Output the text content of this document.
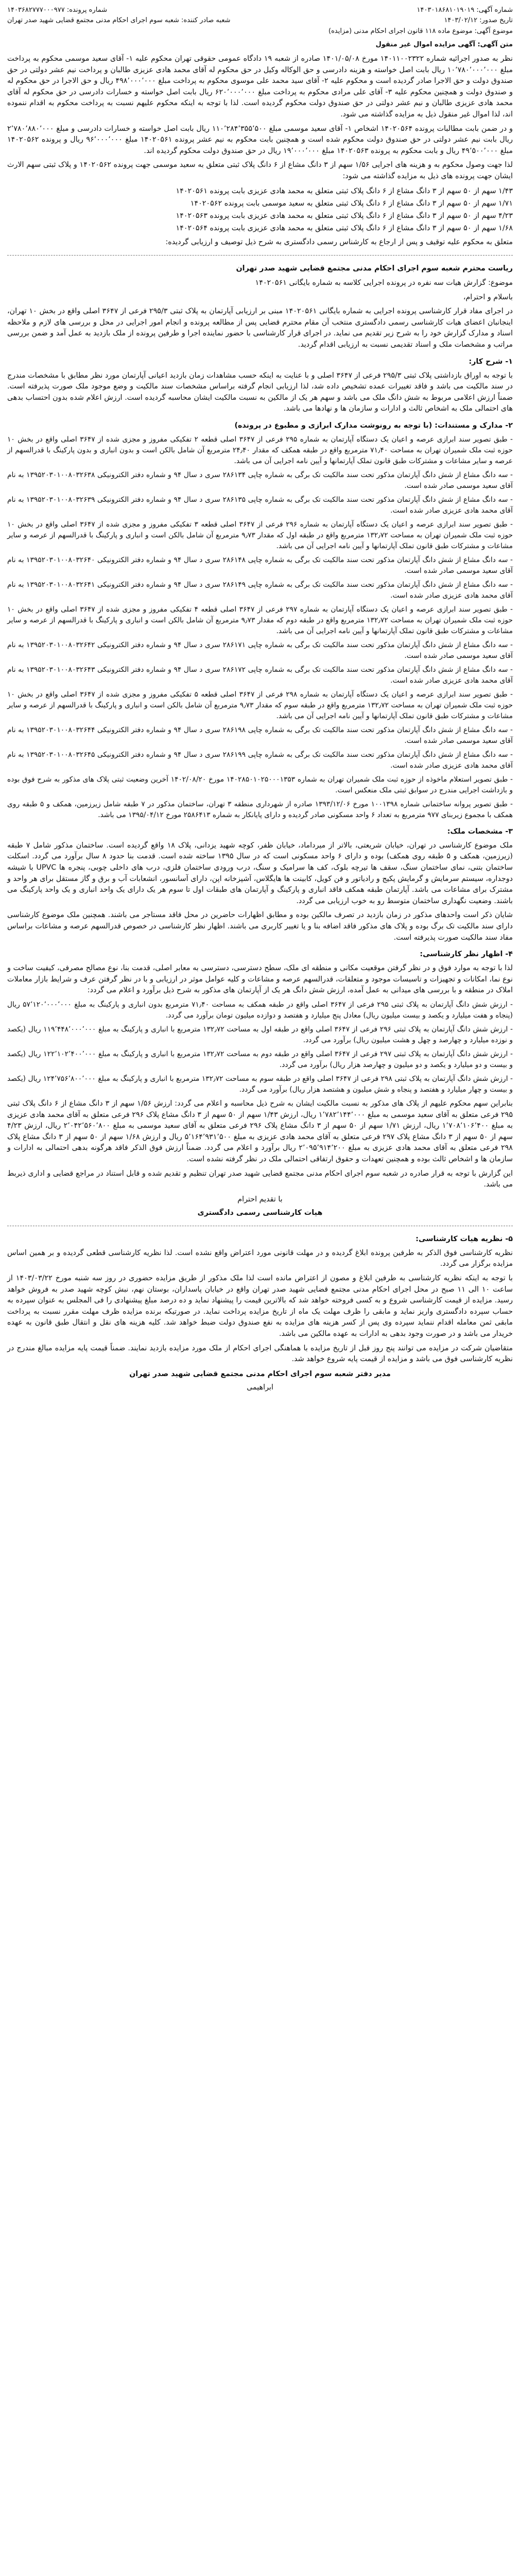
شماره آگهی: ۱۴۰۳۰۱۸۶۸۱۰۱۹۰۱۹
تاریخ صدور: ۱۴۰۳/۰۲/۱۲
شماره پرونده: ۱۴۰۳۶۸۲۷۷۷۰۰۰۹۷۷
شعبه صادر کننده: شعبه سوم اجرای احکام مدنی مجتمع قضایی شهید صدر تهران
موضوع آگهی: موضوع ماده ۱۱۸ قانون اجرای احکام مدنی (مزایده)
متن آگهی: آگهی مزایده اموال غیر منقول

نظر به صدور اجرائیه شماره ۱۴۰۱۱۰۰۲۳۲۲ مورخ ۱۴۰۱/۰۵/۰۸ صادره از شعبه ۱۹ دادگاه عمومی حقوقی تهران محکوم علیه ۱- آقای سعید موسمی محکوم به پرداخت مبلغ ۱۰٬۷۸۰٬۰۰۰٬۰۰۰ ریال بابت اصل خواسته و هزینه دادرسی و حق الوکاله وکیل در حق محکوم له آقای محمد هادی عزیزی طالبان و پرداخت نیم عشر دولتی در حق صندوق دولت و حق الاجرا صادر گردیده است و محکوم علیه ۲- آقای سید محمد علی موسوی محکوم به پرداخت مبلغ ۴۹۸٬۰۰۰٬۰۰۰ ریال و حق الاجرا در حق محکوم له و صندوق دولت و همچنین محکوم علیه ۳- آقای علی مرادی محکوم به پرداخت مبلغ ۶۲۰٬۰۰۰٬۰۰۰ ریال بابت اصل خواسته و خسارات دادرسی در حق محکوم له آقای محمد هادی عزیزی طالبان و نیم عشر دولتی در حق صندوق دولت محکوم گردیده است. لذا با توجه به اینکه محکوم علیهم نسبت به پرداخت محکوم به اقدام ننموده اند، لذا اموال غیر منقول ذیل به مزایده گذاشته می شود.

و در ضمن بابت مطالبات پرونده ۱۴۰۲۰۵۶۴ اشخاص ۱- آقای سعید موسمی مبلغ ۱۱۰٬۲۸۴٬۳۵۵٬۵۰۰ ریال بابت اصل خواسته و خسارات دادرسی و مبلغ ۲٬۷۸۰٬۸۸۰٬۰۰۰ ریال بابت نیم عشر دولتی در حق صندوق دولت محکوم شده است و همچنین بابت محکوم به نیم عشر پرونده ۱۴۰۲۰۵۶۱ مبلغ ۹۶٬۰۰۰٬۰۰۰ ریال و پرونده ۱۴۰۲۰۵۶۲ مبلغ ۴۹٬۵۰۰٬۰۰۰ ریال و بابت محکوم به پرونده ۱۴۰۲۰۵۶۳ مبلغ ۱۹٬۰۰۰٬۰۰۰ ریال در حق صندوق دولت محکوم گردیده اند.

لذا جهت وصول محکوم به و هزینه های اجرایی ۱/۵۶ سهم از ۳ دانگ مشاع از ۶ دانگ پلاک ثبتی متعلق به سعید موسمی جهت پرونده ۱۴۰۲۰۵۶۲ و پلاک ثبتی سهم الارث ایشان جهت پرونده های ذیل به مزایده گذاشته می شود:

۱/۴۳ سهم از ۵۰ سهم از ۳ دانگ مشاع از ۶ دانگ پلاک ثبتی متعلق به محمد هادی عزیزی بابت پرونده ۱۴۰۲۰۵۶۱
۱/۷۱ سهم از ۵۰ سهم از ۳ دانگ مشاع از ۶ دانگ پلاک ثبتی متعلق به سعید موسمی بابت پرونده ۱۴۰۲۰۵۶۲
۴/۲۳ سهم از ۵۰ سهم از ۳ دانگ مشاع از ۶ دانگ پلاک ثبتی متعلق به محمد هادی عزیزی بابت پرونده ۱۴۰۲۰۵۶۳
۱/۶۸ سهم از ۵۰ سهم از ۳ دانگ مشاع از ۶ دانگ پلاک ثبتی متعلق به محمد هادی عزیزی بابت پرونده ۱۴۰۲۰۵۶۴

متعلق به محکوم علیه توقیف و پس از ارجاع به کارشناس رسمی دادگستری به شرح ذیل توصیف و ارزیابی گردیده:

ریاست محترم شعبه سوم اجرای احکام مدنی مجتمع قضایی شهید صدر تهران
موضوع: گزارش هیات سه نفره در پرونده اجرایی کلاسه به شماره بایگانی ۱۴۰۲۰۵۶۱
باسلام و احترام،

در اجرای مفاد قرار کارشناسی پرونده اجرایی به شماره بایگانی ۱۴۰۲۰۵۶۱ مبنی بر ارزیابی آپارتمان به پلاک ثبتی ۲۹۵/۳ فرعی از ۳۶۴۷ اصلی واقع در بخش ۱۰ تهران، اینجانبان اعضای هیات کارشناسی رسمی دادگستری منتخب آن مقام محترم قضایی پس از مطالعه پرونده و انجام امور اجرایی در محل و بررسی های لازم و ملاحظه اسناد و مدارک گزارش خود را به شرح زیر تقدیم می نماید. در اجرای قرار کارشناسی با حضور نماینده اجرا و طرفین پرونده از ملک بازدید به عمل آمد و ضمن بررسی مراتب و مشخصات ملک و اسناد تقدیمی نسبت به ارزیابی اقدام گردید.

۱- شرح کار:

با توجه به اوراق بازداشتی پلاک ثبتی ۲۹۵/۳ فرعی از ۳۶۴۷ اصلی و با عنایت به اینکه حسب مشاهدات زمان بازدید اعیانی آپارتمان مورد نظر مطابق با مشخصات مندرج در سند مالکیت می باشد و فاقد تغییرات عمده تشخیص داده شد، لذا ارزیابی انجام گرفته براساس مشخصات سند مالکیت و وضع موجود ملک صورت پذیرفته است. ضمناً ارزش اعلامی مربوط به شش دانگ ملک می باشد و سهم هر یک از مالکین به نسبت مالکیت ایشان محاسبه گردیده است. ارزش اعلام شده بدون احتساب بدهی های احتمالی ملک به اشخاص ثالث و ادارات و سازمان ها و نهادها می باشد.

۲- مدارک و مستندات: (با توجه به رونوشت مدارک ابرازی و مطبوع در پرونده)

- طبق تصویر سند ابرازی عرصه و اعیان یک دستگاه آپارتمان به شماره ۲۹۵ فرعی از ۳۶۴۷ اصلی قطعه ۲ تفکیکی مفروز و مجزی شده از ۳۶۴۷ اصلی واقع در بخش ۱۰ حوزه ثبت ملک شمیران تهران به مساحت ۷۱٫۴۰ مترمربع واقع در طبقه همکف که مقدار ۲۴٫۴۰ مترمربع آن شامل بالکن است و بدون انباری و بدون پارکینگ با قدرالسهم از عرصه و سایر مشاعات و مشترکات طبق قانون تملک آپارتمانها و آیین نامه اجرایی آن می باشد.

- سه دانگ مشاع از شش دانگ آپارتمان مذکور تحت سند مالکیت تک برگی به شماره چاپی ۲۸۶۱۳۴ سری د سال ۹۴ و شماره دفتر الکترونیکی ۱۳۹۵۲۰۳۰۱۰۰۸۰۳۲۶۳۸ به نام آقای سعید موسمی صادر شده است.

- سه دانگ مشاع از شش دانگ آپارتمان مذکور تحت سند مالکیت تک برگی به شماره چاپی ۲۸۶۱۳۵ سری د سال ۹۴ و شماره دفتر الکترونیکی ۱۳۹۵۲۰۳۰۱۰۰۸۰۳۲۶۳۹ به نام آقای محمد هادی عزیزی صادر شده است.

- طبق تصویر سند ابرازی عرصه و اعیان یک دستگاه آپارتمان به شماره ۲۹۶ فرعی از ۳۶۴۷ اصلی قطعه ۳ تفکیکی مفروز و مجزی شده از ۳۶۴۷ اصلی واقع در بخش ۱۰ حوزه ثبت ملک شمیران تهران به مساحت ۱۳۲٫۷۲ مترمربع واقع در طبقه اول که مقدار ۹٫۷۳ مترمربع آن شامل بالکن است و انباری و پارکینگ با قدرالسهم از عرصه و سایر مشاعات و مشترکات طبق قانون تملک آپارتمانها و آیین نامه اجرایی آن می باشد.

- سه دانگ مشاع از شش دانگ آپارتمان مذکور تحت سند مالکیت تک برگی به شماره چاپی ۲۸۶۱۴۸ سری د سال ۹۴ و شماره دفتر الکترونیکی ۱۳۹۵۲۰۳۰۱۰۰۸۰۳۲۶۴۰ به نام آقای سعید موسمی صادر شده است.

- سه دانگ مشاع از شش دانگ آپارتمان مذکور تحت سند مالکیت تک برگی به شماره چاپی ۲۸۶۱۴۹ سری د سال ۹۴ و شماره دفتر الکترونیکی ۱۳۹۵۲۰۳۰۱۰۰۸۰۳۲۶۴۱ به نام آقای محمد هادی عزیزی صادر شده است.

- طبق تصویر سند ابرازی عرصه و اعیان یک دستگاه آپارتمان به شماره ۲۹۷ فرعی از ۳۶۴۷ اصلی قطعه ۴ تفکیکی مفروز و مجزی شده از ۳۶۴۷ اصلی واقع در بخش ۱۰ حوزه ثبت ملک شمیران تهران به مساحت ۱۳۲٫۷۲ مترمربع واقع در طبقه دوم که مقدار ۹٫۷۳ مترمربع آن شامل بالکن است و انباری و پارکینگ با قدرالسهم از عرصه و سایر مشاعات و مشترکات طبق قانون تملک آپارتمانها و آیین نامه اجرایی آن می باشد.

- سه دانگ مشاع از شش دانگ آپارتمان مذکور تحت سند مالکیت تک برگی به شماره چاپی ۲۸۶۱۷۱ سری د سال ۹۴ و شماره دفتر الکترونیکی ۱۳۹۵۲۰۳۰۱۰۰۸۰۳۲۶۴۲ به نام آقای سعید موسمی صادر شده است.

- سه دانگ مشاع از شش دانگ آپارتمان مذکور تحت سند مالکیت تک برگی به شماره چاپی ۲۸۶۱۷۲ سری د سال ۹۴ و شماره دفتر الکترونیکی ۱۳۹۵۲۰۳۰۱۰۰۸۰۳۲۶۴۳ به نام آقای محمد هادی عزیزی صادر شده است.

- طبق تصویر سند ابرازی عرصه و اعیان یک دستگاه آپارتمان به شماره ۲۹۸ فرعی از ۳۶۴۷ اصلی قطعه ۵ تفکیکی مفروز و مجزی شده از ۳۶۴۷ اصلی واقع در بخش ۱۰ حوزه ثبت ملک شمیران تهران به مساحت ۱۳۲٫۷۲ مترمربع واقع در طبقه سوم که مقدار ۹٫۷۳ مترمربع آن شامل بالکن است و انباری و پارکینگ با قدرالسهم از عرصه و سایر مشاعات و مشترکات طبق قانون تملک آپارتمانها و آیین نامه اجرایی آن می باشد.

- سه دانگ مشاع از شش دانگ آپارتمان مذکور تحت سند مالکیت تک برگی به شماره چاپی ۲۸۶۱۹۸ سری د سال ۹۴ و شماره دفتر الکترونیکی ۱۳۹۵۲۰۳۰۱۰۰۸۰۳۲۶۴۴ به نام آقای سعید موسمی صادر شده است.

- سه دانگ مشاع از شش دانگ آپارتمان مذکور تحت سند مالکیت تک برگی به شماره چاپی ۲۸۶۱۹۹ سری د سال ۹۴ و شماره دفتر الکترونیکی ۱۳۹۵۲۰۳۰۱۰۰۸۰۳۲۶۴۵ به نام آقای محمد هادی عزیزی صادر شده است.

- طبق تصویر استعلام ماخوذه از حوزه ثبت ملک شمیران تهران به شماره ۱۴۰۲۸۵۰۱۰۲۵۰۰۰۱۳۵۳ مورخ ۱۴۰۲/۰۸/۲۰ آخرین وضعیت ثبتی پلاک های مذکور به شرح فوق بوده و بازداشت اجرایی مندرج در سوابق ثبتی ملک منعکس است.

- طبق تصویر پروانه ساختمانی شماره ۱۰۰۱۳۹۸ مورخ ۱۳۹۳/۱۲/۰۶ صادره از شهرداری منطقه ۳ تهران، ساختمان مذکور در ۷ طبقه شامل زیرزمین، همکف و ۵ طبقه روی همکف با مجموع زیربنای ۹۷۷ مترمربع به تعداد ۶ واحد مسکونی صادر گردیده و دارای پایانکار به شماره ۲۵۸۶۴۱۳ مورخ ۱۳۹۵/۰۴/۱۲ می باشد.

۳- مشخصات ملک:

ملک موضوع کارشناسی در تهران، خیابان شریعتی، بالاتر از میرداماد، خیابان ظفر، کوچه شهید یزدانی، پلاک ۱۸ واقع گردیده است. ساختمان مذکور شامل ۷ طبقه (زیرزمین، همکف و ۵ طبقه روی همکف) بوده و دارای ۶ واحد مسکونی است که در سال ۱۳۹۵ ساخته شده است. قدمت بنا حدود ۸ سال برآورد می گردد. اسکلت ساختمان بتنی، نمای ساختمان سنگ، سقف ها تیرچه بلوک، کف ها سرامیک و سنگ، درب ورودی ساختمان فلزی، درب های داخلی چوبی، پنجره ها UPVC با شیشه دوجداره، سیستم سرمایش و گرمایش پکیج و رادیاتور و فن کویل، کابینت ها هایگلاس، آشپزخانه اپن، دارای آسانسور، انشعابات آب و برق و گاز مستقل برای هر واحد و مشترک برای مشاعات می باشد. آپارتمان طبقه همکف فاقد انباری و پارکینگ و آپارتمان های طبقات اول تا سوم هر یک دارای یک واحد انباری و یک واحد پارکینگ می باشند. وضعیت نگهداری ساختمان متوسط رو به خوب ارزیابی می گردد.

شایان ذکر است واحدهای مذکور در زمان بازدید در تصرف مالکین بوده و مطابق اظهارات حاضرین در محل فاقد مستاجر می باشند. همچنین ملک موضوع کارشناسی دارای سند مالکیت تک برگ بوده و پلاک های مذکور فاقد اضافه بنا و یا تغییر کاربری می باشند. اظهار نظر کارشناسی در خصوص قدرالسهم عرصه و مشاعات براساس مفاد سند مالکیت صورت پذیرفته است.

۴- اظهار نظر کارشناسی:

لذا با توجه به موارد فوق و در نظر گرفتن موقعیت مکانی و منطقه ای ملک، سطح دسترسی، دسترسی به معابر اصلی، قدمت بنا، نوع مصالح مصرفی، کیفیت ساخت و نوع نما، امکانات و تجهیزات و تاسیسات موجود و متعلقات، قدرالسهم عرصه و مشاعات و کلیه عوامل موثر در ارزیابی و با در نظر گرفتن عرف و شرایط بازار معاملات املاک در منطقه و با بررسی های میدانی به عمل آمده، ارزش شش دانگ هر یک از آپارتمان های مذکور به شرح ذیل برآورد و اعلام می گردد:

- ارزش شش دانگ آپارتمان به پلاک ثبتی ۲۹۵ فرعی از ۳۶۴۷ اصلی واقع در طبقه همکف به مساحت ۷۱٫۴۰ مترمربع بدون انباری و پارکینگ به مبلغ ۵۷٬۱۲۰٬۰۰۰٬۰۰۰ ریال (پنجاه و هفت میلیارد و یکصد و بیست میلیون ریال) معادل پنج میلیارد و هفتصد و دوازده میلیون تومان برآورد می گردد.

- ارزش شش دانگ آپارتمان به پلاک ثبتی ۲۹۶ فرعی از ۳۶۴۷ اصلی واقع در طبقه اول به مساحت ۱۳۲٫۷۲ مترمربع با انباری و پارکینگ به مبلغ ۱۱۹٬۴۴۸٬۰۰۰٬۰۰۰ ریال (یکصد و نوزده میلیارد و چهارصد و چهل و هشت میلیون ریال) برآورد می گردد.

- ارزش شش دانگ آپارتمان به پلاک ثبتی ۲۹۷ فرعی از ۳۶۴۷ اصلی واقع در طبقه دوم به مساحت ۱۳۲٫۷۲ مترمربع با انباری و پارکینگ به مبلغ ۱۲۲٬۱۰۲٬۴۰۰٬۰۰۰ ریال (یکصد و بیست و دو میلیارد و یکصد و دو میلیون و چهارصد هزار ریال) برآورد می گردد.

- ارزش شش دانگ آپارتمان به پلاک ثبتی ۲۹۸ فرعی از ۳۶۴۷ اصلی واقع در طبقه سوم به مساحت ۱۳۲٫۷۲ مترمربع با انباری و پارکینگ به مبلغ ۱۲۴٬۷۵۶٬۸۰۰٬۰۰۰ ریال (یکصد و بیست و چهار میلیارد و هفتصد و پنجاه و شش میلیون و هشتصد هزار ریال) برآورد می گردد.

بنابراین سهم محکوم علیهم از پلاک های مذکور به نسبت مالکیت ایشان به شرح ذیل محاسبه و اعلام می گردد: ارزش ۱/۵۶ سهم از ۳ دانگ مشاع از ۶ دانگ پلاک ثبتی ۲۹۵ فرعی متعلق به آقای سعید موسمی به مبلغ ۱٬۷۸۲٬۱۴۴٬۰۰۰ ریال، ارزش ۱/۴۳ سهم از ۵۰ سهم از ۳ دانگ مشاع پلاک ۲۹۶ فرعی متعلق به آقای محمد هادی عزیزی به مبلغ ۱٬۷۰۸٬۱۰۶٬۴۰۰ ریال، ارزش ۱/۷۱ سهم از ۵۰ سهم از ۳ دانگ مشاع پلاک ۲۹۶ فرعی متعلق به آقای سعید موسمی به مبلغ ۲٬۰۴۲٬۵۶۰٬۸۰۰ ریال، ارزش ۴/۲۳ سهم از ۵۰ سهم از ۳ دانگ مشاع پلاک ۲۹۷ فرعی متعلق به آقای محمد هادی عزیزی به مبلغ ۵٬۱۶۴٬۹۳۱٬۵۰۰ ریال و ارزش ۱/۶۸ سهم از ۵۰ سهم از ۳ دانگ مشاع پلاک ۲۹۸ فرعی متعلق به آقای محمد هادی عزیزی به مبلغ ۲٬۰۹۵٬۹۱۴٬۲۰۰ ریال برآورد و اعلام می گردد. ضمناً ارزش فوق الذکر فاقد هرگونه بدهی احتمالی به ادارات و سازمان ها و اشخاص ثالث بوده و همچنین تعهدات و حقوق ارتفاقی احتمالی ملک در نظر گرفته نشده است.

این گزارش با توجه به قرار صادره در شعبه سوم اجرای احکام مدنی مجتمع قضایی شهید صدر تهران تنظیم و تقدیم شده و قابل استناد در مراجع قضایی و اداری ذیربط می باشد.

با تقدیم احترام
هیات کارشناسی رسمی دادگستری
۵- نظریه هیات کارشناسی:

نظریه کارشناسی فوق الذکر به طرفین پرونده ابلاغ گردیده و در مهلت قانونی مورد اعتراض واقع نشده است. لذا نظریه کارشناسی قطعی گردیده و بر همین اساس مزایده برگزار می گردد.

با توجه به اینکه نظریه کارشناسی به طرفین ابلاغ و مصون از اعتراض مانده است لذا ملک مذکور از طریق مزایده حضوری در روز سه شنبه مورخ ۱۴۰۳/۰۳/۲۲ از ساعت ۱۰ الی ۱۱ صبح در محل اجرای احکام مدنی مجتمع قضایی شهید صدر تهران واقع در خیابان پاسداران، بوستان نهم، نبش کوچه شهید صدر به فروش خواهد رسید. مزایده از قیمت کارشناسی شروع و به کسی فروخته خواهد شد که بالاترین قیمت را پیشنهاد نماید و ده درصد مبلغ پیشنهادی را فی المجلس به عنوان سپرده به حساب سپرده دادگستری واریز نماید و مابقی را ظرف مهلت یک ماه از تاریخ مزایده پرداخت نماید. در صورتیکه برنده مزایده ظرف مهلت مقرر نسبت به پرداخت مابقی ثمن معامله اقدام ننماید سپرده وی پس از کسر هزینه های مزایده به نفع صندوق دولت ضبط خواهد شد. کلیه هزینه های نقل و انتقال طبق قانون به عهده خریدار می باشد و در صورت وجود بدهی به ادارات به عهده مالکین می باشد.

متقاضیان شرکت در مزایده می توانند پنج روز قبل از تاریخ مزایده با هماهنگی اجرای احکام از ملک مورد مزایده بازدید نمایند. ضمناً قیمت پایه مزایده مبالغ مندرج در نظریه کارشناسی فوق می باشد و مزایده از قیمت پایه شروع خواهد شد.

مدیر دفتر شعبه سوم اجرای احکام مدنی مجتمع قضایی شهید صدر تهران
ابراهیمی
